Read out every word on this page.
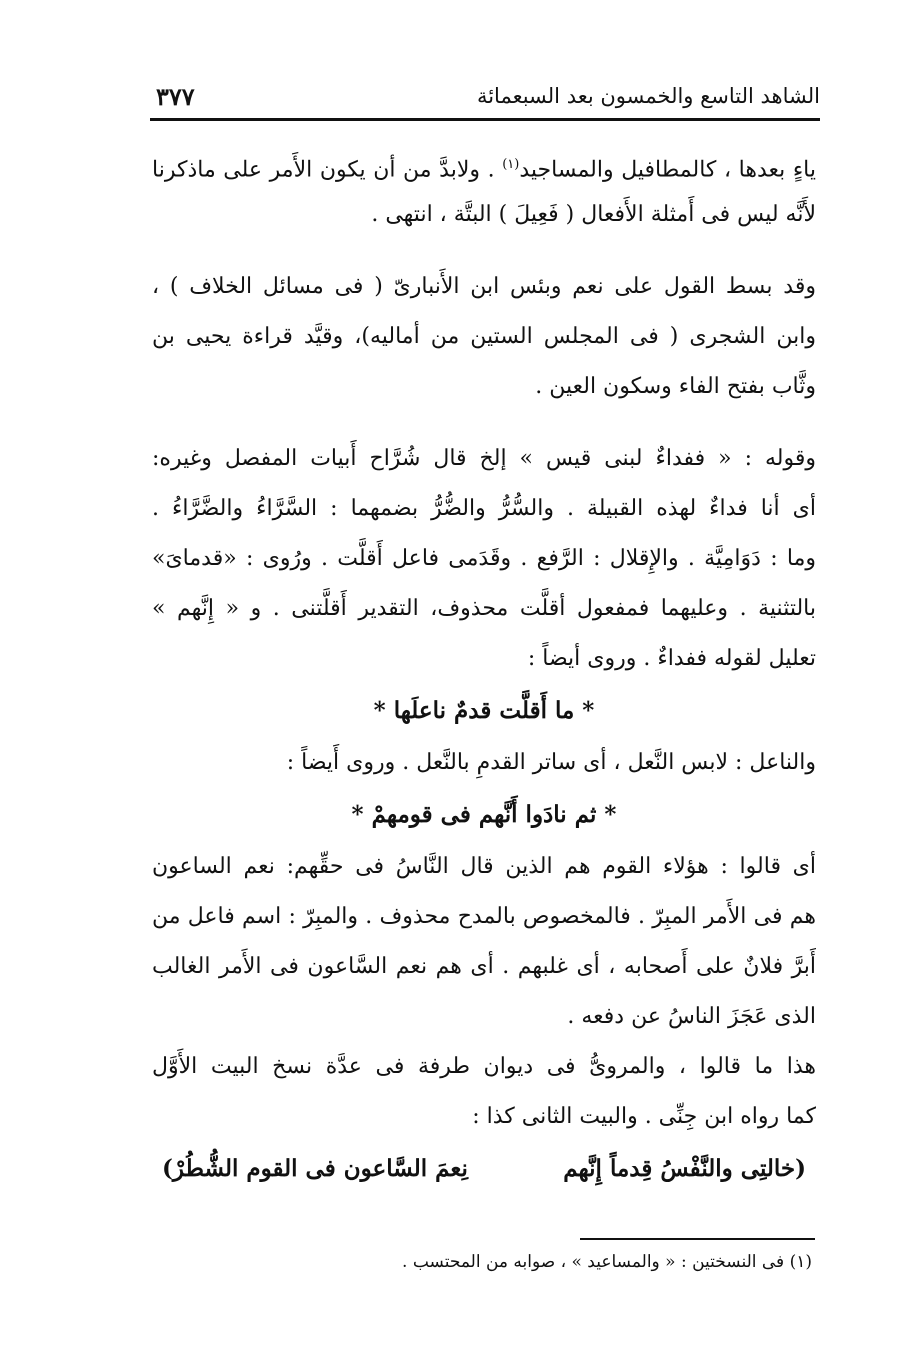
الشاهد التاسع والخمسون بعد السبعمائة
٣٧٧
ياءٍ بعدها ، كالمطافيل والمساجيد$^{(١)}$ . ولابدَّ من أن يكون الأَمر على ماذكرنا
لأَنَّه ليس فى أَمثلة الأَفعال ( فَعِيلَ ) البتَّة ، انتهى .
وقد بسط القول على نعم وبئس ابن الأَنبارىّ ( فى مسائل الخلاف ) ،
وابن الشجرى ( فى المجلس الستين من أماليه)، وقيَّد قراءة يحيى بن
وثَّاب بفتح الفاء وسكون العين .
وقوله : « ففداءٌ لبنى قيس » إلخ قال شُرَّاح أَبيات المفصل وغيره:
أى أنا فداءٌ لهذه القبيلة . والسُّرُّ والضُّرُّ بضمهما : السَّرَّاءُ والضَّرَّاءُ .
وما : دَوَامِيَّة . والإِقلال : الرَّفع . وقَدَمى فاعل أَقلَّت . ورُوى : «قدماىَ»
بالتثنية . وعليهما فمفعول أقلَّت محذوف، التقدير أَقلَّتنى . و « إِنَّهم »
تعليل لقوله ففداءٌ . وروى أيضاً :
* ما أَقلَّت قدمٌ ناعلَها *
والناعل : لابس النَّعل ، أى ساتر القدمِ بالنَّعل . وروى أَيضاً :
* ثم نادَوا أَنَّهم فى قومهمْ *
أى قالوا : هؤلاء القوم هم الذين قال النَّاسُ فى حقِّهم: نعم الساعون
هم فى الأَمر المبِرّ . فالمخصوص بالمدح محذوف . والمبِرّ : اسم فاعل من
أَبرَّ فلانٌ على أَصحابه ، أى غلبهم . أى هم نعم السَّاعون فى الأَمر الغالب
الذى عَجَزَ الناسُ عن دفعه .
هذا ما قالوا ، والمروىُّ فى ديوان طرفة فى عدَّة نسخ البيت الأَوَّل
كما رواه ابن جِنِّى . والبيت الثانى كذا :
(خالتِى والنَّفْسُ قِدماً إِنَّهم
نِعمَ السَّاعون فى القوم الشُّطُرْ)
(١) فى النسختين : « والمساعيد » ، صوابه من المحتسب .
